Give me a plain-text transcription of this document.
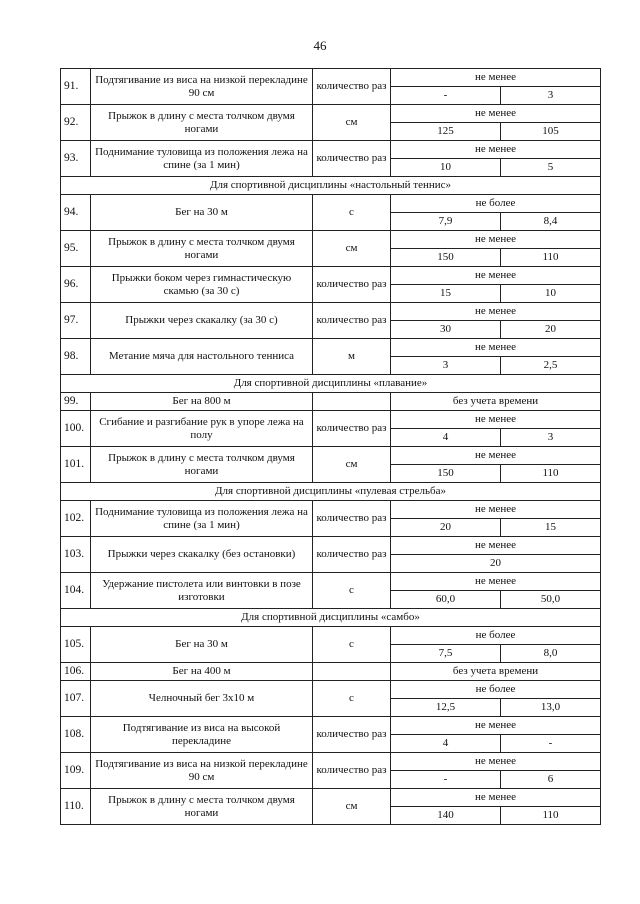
46
91.	Подтягивание из виса на низкой перекладине 90 см	количество раз	не менее	
			-	3
92.	Прыжок в длину с места толчком двумя ногами	см	не менее	
			125	105
93.	Поднимание туловища из положения лежа на спине (за 1 мин)	количество раз	не менее	
			10	5
Для спортивной дисциплины «настольный теннис»				
94.	Бег на 30 м	с	не более	
			7,9	8,4
95.	Прыжок в длину с места толчком двумя ногами	см	не менее	
			150	110
96.	Прыжки боком через гимнастическую скамью (за 30 с)	количество раз	не менее	
			15	10
97.	Прыжки через скакалку (за 30 с)	количество раз	не менее	
			30	20
98.	Метание мяча для настольного тенниса	м	не менее	
			3	2,5
Для спортивной дисциплины «плавание»				
99.	Бег на 800 м		без учета времени	
100.	Сгибание и разгибание рук в упоре лежа на полу	количество раз	не менее	
			4	3
101.	Прыжок в длину с места толчком двумя ногами	см	не менее	
			150	110
Для спортивной дисциплины «пулевая стрельба»				
102.	Поднимание туловища из положения лежа на спине (за 1 мин)	количество раз	не менее	
			20	15
103.	Прыжки через скакалку (без остановки)	количество раз	не менее	
			20	
104.	Удержание пистолета или винтовки в позе изготовки	с	не менее	
			60,0	50,0
Для спортивной дисциплины «самбо»				
105.	Бег на 30 м	с	не более	
			7,5	8,0
106.	Бег на 400 м		без учета времени	
107.	Челночный бег 3х10 м	с	не более	
			12,5	13,0
108.	Подтягивание из виса на высокой перекладине	количество раз	не менее	
			4	-
109.	Подтягивание из виса на низкой перекладине 90 см	количество раз	не менее	
			-	6
110.	Прыжок в длину с места толчком двумя ногами	см	не менее	
			140	110
